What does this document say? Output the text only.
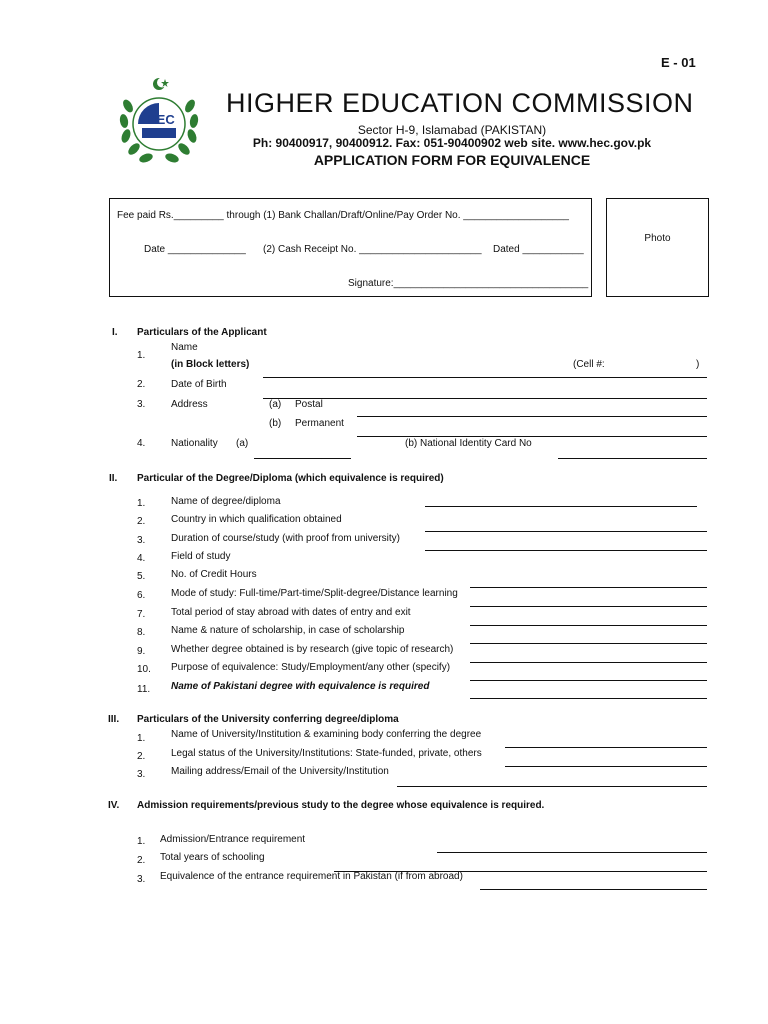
E - 01
HEC
HIGHER EDUCATION COMMISSION
Sector H-9, Islamabad (PAKISTAN)
Ph: 90400917, 90400912. Fax: 051-90400902 web site. www.hec.gov.pk
APPLICATION FORM FOR EQUIVALENCE
Fee paid Rs._________ through (1) Bank Challan/Draft/Online/Pay Order No. ___________________
Date ______________ (2) Cash Receipt No. ______________________ Dated ___________
Signature:___________________________________
Photo
I. Particulars of the Applicant
1.
Name
(in Block letters)	(Cell #:	)
2.	Date of Birth
3.	Address	(a) Postal
(b) Permanent
4.	Nationality (a)	(b) National Identity Card No
II. Particular of the Degree/Diploma (which equivalence is required)
1.	Name of degree/diploma
2.	Country in which qualification obtained
3.	Duration of course/study (with proof from university)
4.	Field of study
5.	No. of Credit Hours
6.	Mode of study: Full-time/Part-time/Split-degree/Distance learning
7.	Total period of stay abroad with dates of entry and exit
8.	Name & nature of scholarship, in case of scholarship
9.	Whether degree obtained is by research (give topic of research)
10. Purpose of equivalence: Study/Employment/any other (specify)
11. Name of Pakistani degree with equivalence is required
III. Particulars of the University conferring degree/diploma
1.	Name of University/Institution & examining body conferring the degree
2.	Legal status of the University/Institutions: State-funded, private, others
3.	Mailing address/Email of the University/Institution
IV. Admission requirements/previous study to the degree whose equivalence is required.
1. Admission/Entrance requirement
2. Total years of schooling
3. Equivalence of the entrance requirement in Pakistan (if from abroad)
